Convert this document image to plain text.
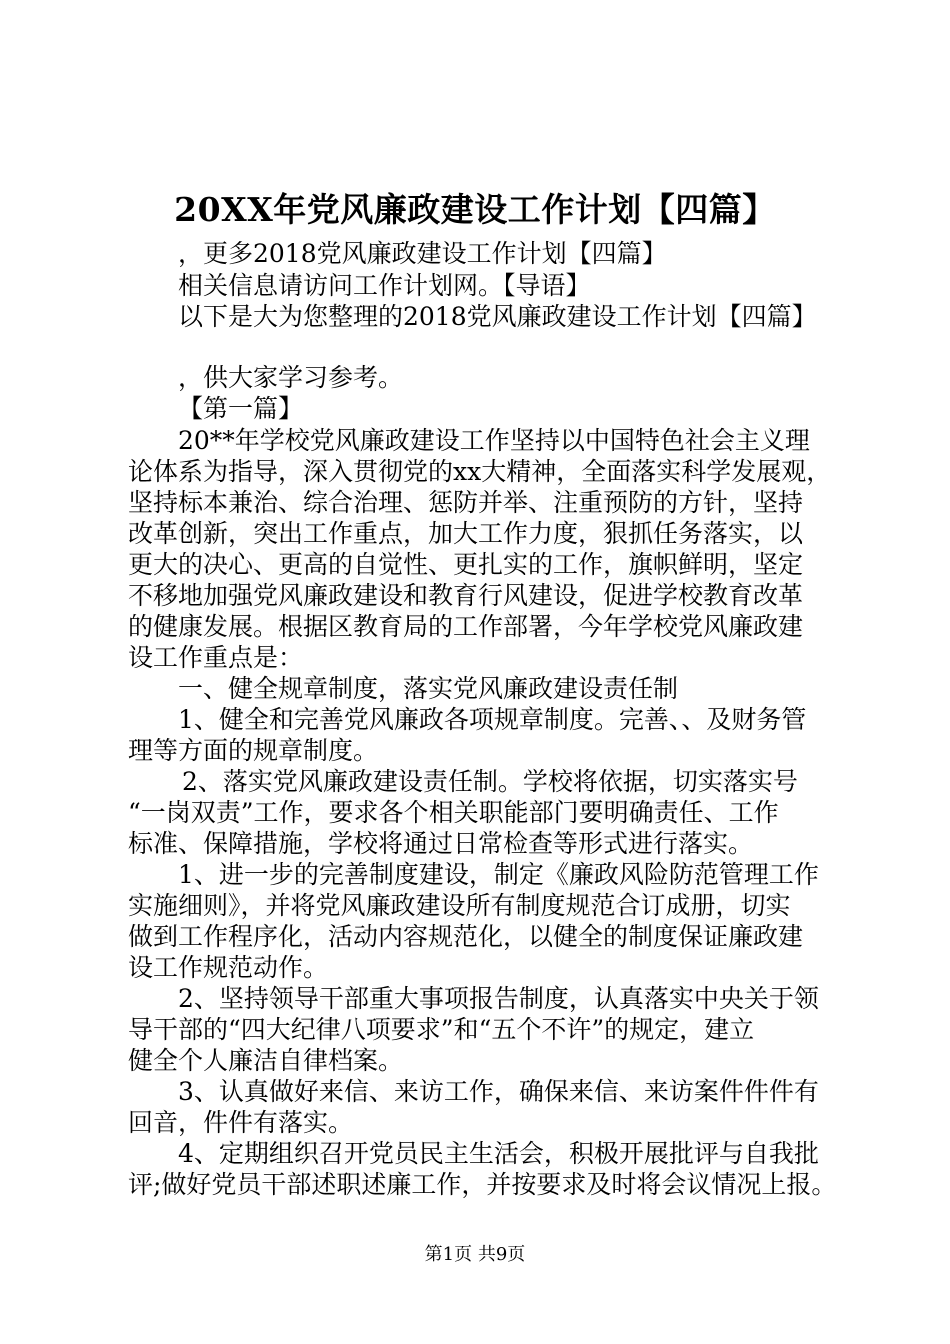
20XX年党风廉政建设工作计划【四篇】
，更多2018党风廉政建设工作计划【四篇】
相关信息请访问工作计划网。【导语】
以下是大为您整理的2018党风廉政建设工作计划【四篇】
，供大家学习参考。
【第一篇】
20**年学校党风廉政建设工作坚持以中国特色社会主义理
论体系为指导，深入贯彻党的xx大精神，全面落实科学发展观，
坚持标本兼治、综合治理、惩防并举、注重预防的方针，坚持
改革创新，突出工作重点，加大工作力度，狠抓任务落实，以
更大的决心、更高的自觉性、更扎实的工作，旗帜鲜明，坚定
不移地加强党风廉政建设和教育行风建设，促进学校教育改革
的健康发展。根据区教育局的工作部署，今年学校党风廉政建
设工作重点是：
一、健全规章制度，落实党风廉政建设责任制
1、健全和完善党风廉政各项规章制度。完善、、及财务管
理等方面的规章制度。
2、落实党风廉政建设责任制。学校将依据，切实落实号
“一岗双责”工作，要求各个相关职能部门要明确责任、工作
标准、保障措施，学校将通过日常检查等形式进行落实。
1、进一步的完善制度建设，制定《廉政风险防范管理工作
实施细则》，并将党风廉政建设所有制度规范合订成册，切实
做到工作程序化，活动内容规范化，以健全的制度保证廉政建
设工作规范动作。
2、坚持领导干部重大事项报告制度，认真落实中央关于领
导干部的“四大纪律八项要求”和“五个不许”的规定，建立
健全个人廉洁自律档案。
3、认真做好来信、来访工作，确保来信、来访案件件件有
回音，件件有落实。
4、定期组织召开党员民主生活会，积极开展批评与自我批
评;做好党员干部述职述廉工作，并按要求及时将会议情况上报。
第1页 共9页
